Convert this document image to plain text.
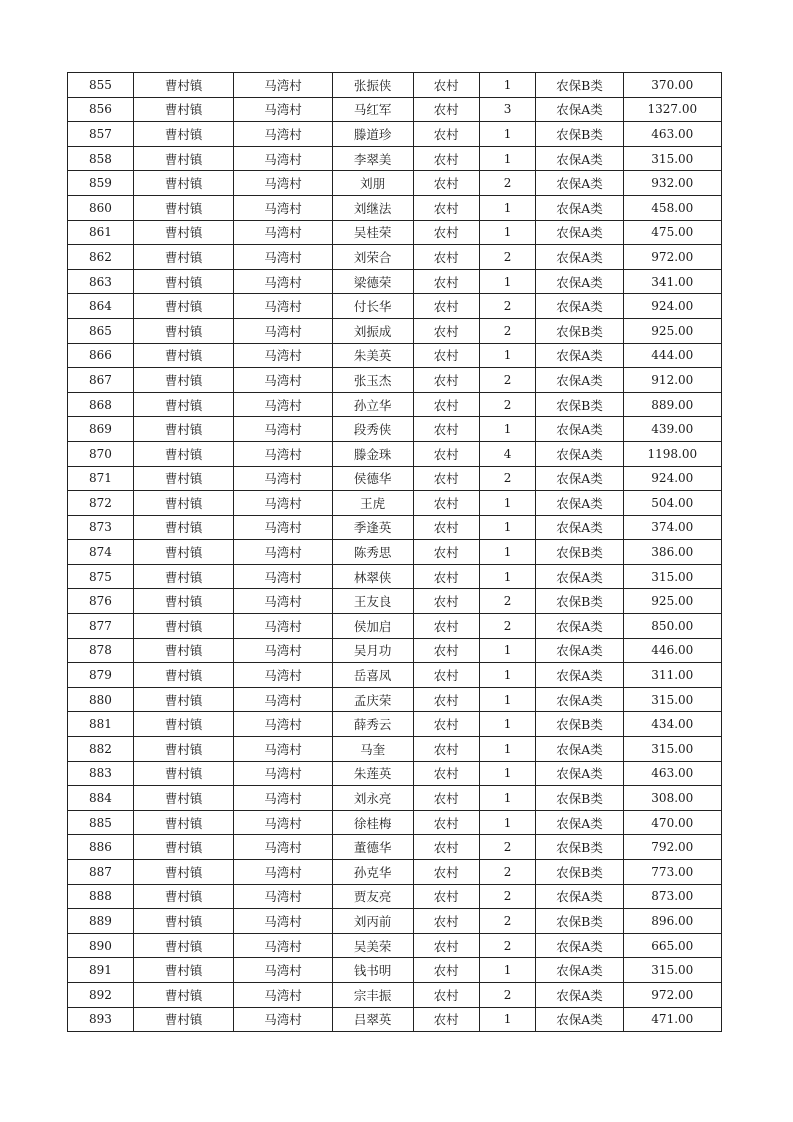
855	曹村镇	马湾村	张振侠	农村	1	农保B类	370.00
856	曹村镇	马湾村	马红军	农村	3	农保A类	1327.00
857	曹村镇	马湾村	滕道珍	农村	1	农保B类	463.00
858	曹村镇	马湾村	李翠美	农村	1	农保A类	315.00
859	曹村镇	马湾村	刘朋	农村	2	农保A类	932.00
860	曹村镇	马湾村	刘继法	农村	1	农保A类	458.00
861	曹村镇	马湾村	吴桂荣	农村	1	农保A类	475.00
862	曹村镇	马湾村	刘荣合	农村	2	农保A类	972.00
863	曹村镇	马湾村	梁德荣	农村	1	农保A类	341.00
864	曹村镇	马湾村	付长华	农村	2	农保A类	924.00
865	曹村镇	马湾村	刘振成	农村	2	农保B类	925.00
866	曹村镇	马湾村	朱美英	农村	1	农保A类	444.00
867	曹村镇	马湾村	张玉杰	农村	2	农保A类	912.00
868	曹村镇	马湾村	孙立华	农村	2	农保B类	889.00
869	曹村镇	马湾村	段秀侠	农村	1	农保A类	439.00
870	曹村镇	马湾村	滕金珠	农村	4	农保A类	1198.00
871	曹村镇	马湾村	侯德华	农村	2	农保A类	924.00
872	曹村镇	马湾村	王虎	农村	1	农保A类	504.00
873	曹村镇	马湾村	季逢英	农村	1	农保A类	374.00
874	曹村镇	马湾村	陈秀思	农村	1	农保B类	386.00
875	曹村镇	马湾村	林翠侠	农村	1	农保A类	315.00
876	曹村镇	马湾村	王友良	农村	2	农保B类	925.00
877	曹村镇	马湾村	侯加启	农村	2	农保A类	850.00
878	曹村镇	马湾村	吴月功	农村	1	农保A类	446.00
879	曹村镇	马湾村	岳喜凤	农村	1	农保A类	311.00
880	曹村镇	马湾村	孟庆荣	农村	1	农保A类	315.00
881	曹村镇	马湾村	薛秀云	农村	1	农保B类	434.00
882	曹村镇	马湾村	马奎	农村	1	农保A类	315.00
883	曹村镇	马湾村	朱莲英	农村	1	农保A类	463.00
884	曹村镇	马湾村	刘永亮	农村	1	农保B类	308.00
885	曹村镇	马湾村	徐桂梅	农村	1	农保A类	470.00
886	曹村镇	马湾村	董德华	农村	2	农保B类	792.00
887	曹村镇	马湾村	孙克华	农村	2	农保B类	773.00
888	曹村镇	马湾村	贾友亮	农村	2	农保A类	873.00
889	曹村镇	马湾村	刘丙前	农村	2	农保B类	896.00
890	曹村镇	马湾村	吴美荣	农村	2	农保A类	665.00
891	曹村镇	马湾村	钱书明	农村	1	农保A类	315.00
892	曹村镇	马湾村	宗丰振	农村	2	农保A类	972.00
893	曹村镇	马湾村	吕翠英	农村	1	农保A类	471.00
